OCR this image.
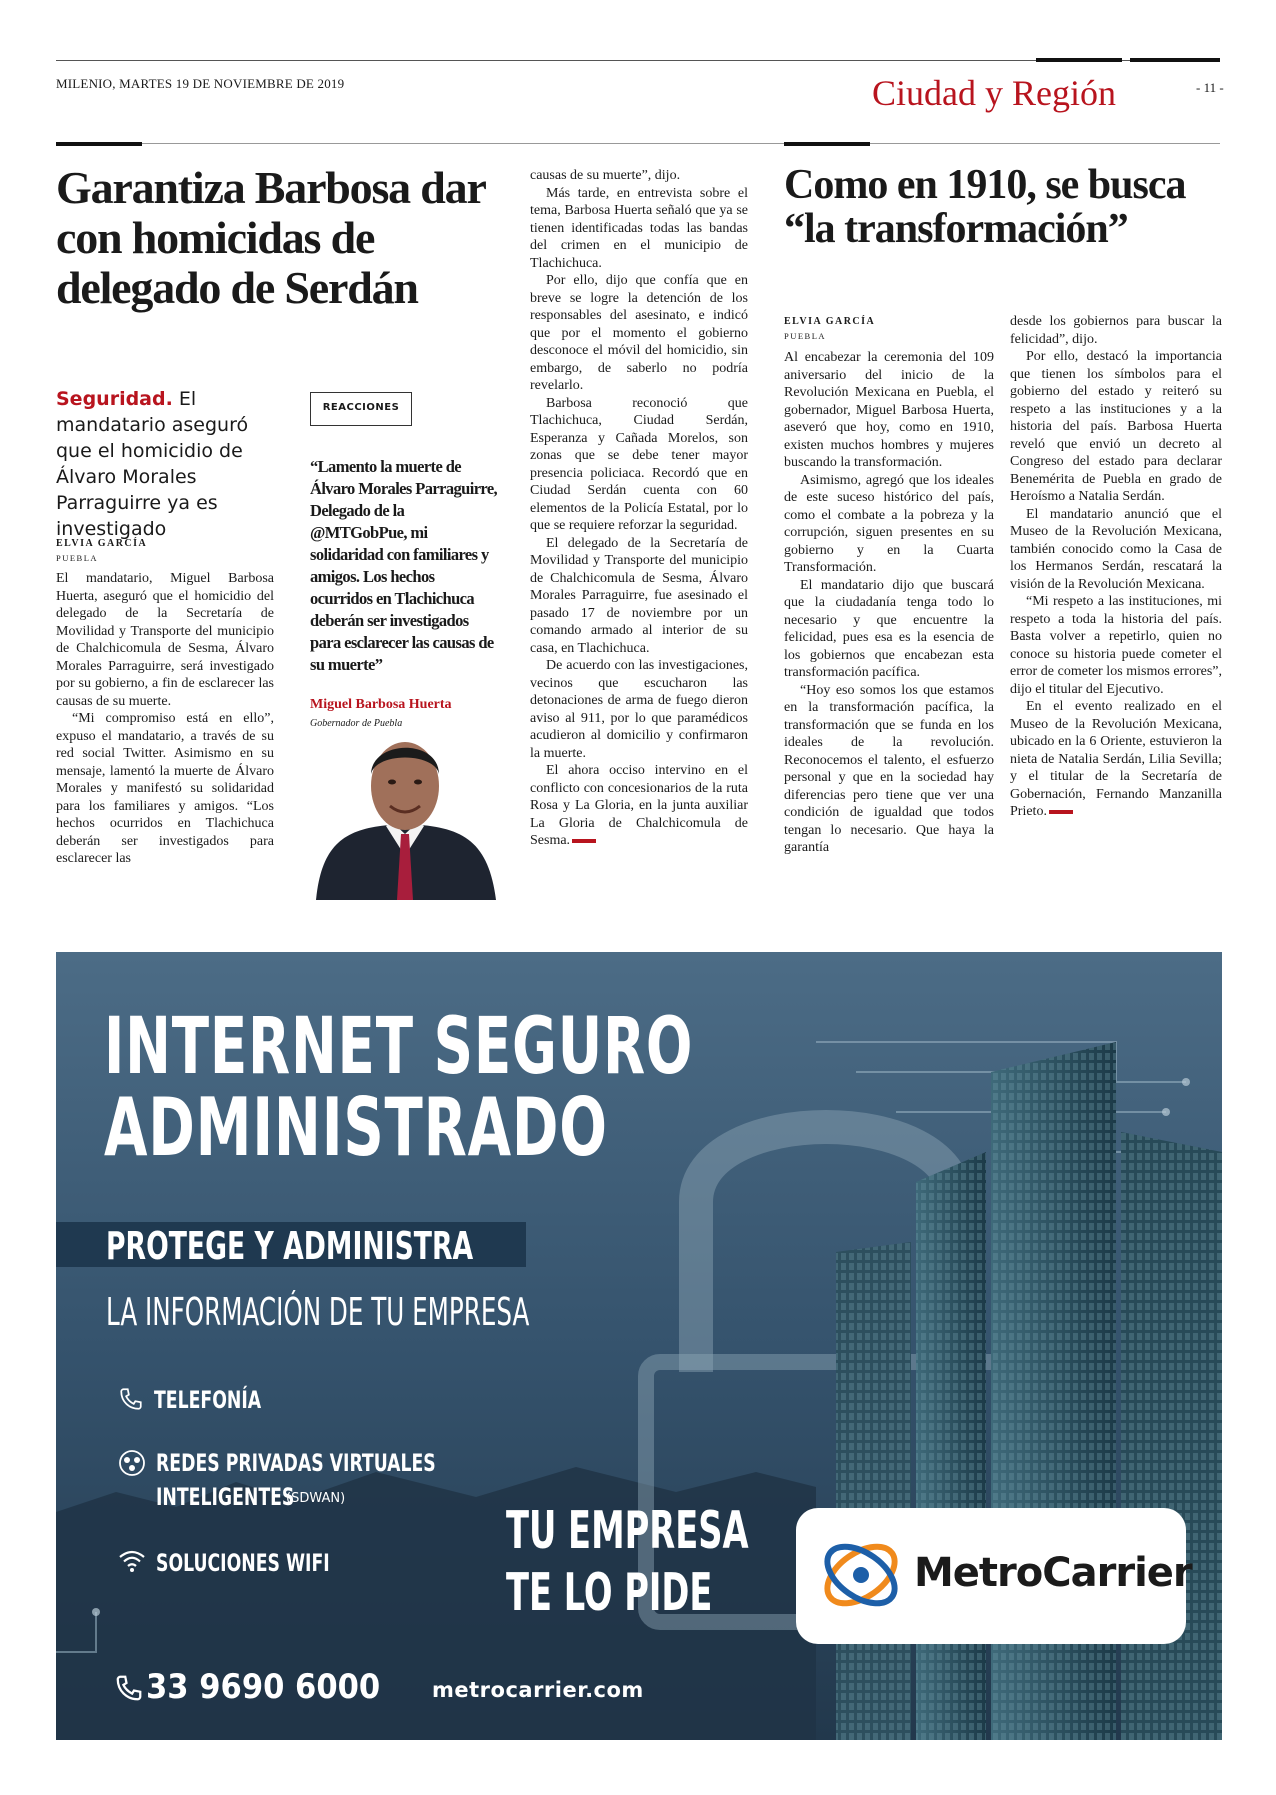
MILENIO, MARTES 19 DE NOVIEMBRE DE 2019	Ciudad y Región	- 11 -
Garantiza Barbosa dar con homicidas de delegado de Serdán
Seguridad. El mandatario aseguró que el homicidio de Álvaro Morales Parraguirre ya es investigado
ELVIA GARCÍA
PUEBLA

El mandatario, Miguel Barbosa Huerta, aseguró que el homicidio del delegado de la Secretaría de Movilidad y Transporte del municipio de Chalchicomula de Sesma, Álvaro Morales Parraguirre, será investigado por su gobierno, a fin de esclarecer las causas de su muerte.

“Mi compromiso está en ello”, expuso el mandatario, a través de su red social Twitter. Asimismo en su mensaje, lamentó la muerte de Álvaro Morales y manifestó su solidaridad para los familiares y amigos. “Los hechos ocurridos en Tlachichuca deberán ser investigados para esclarecer las

REACCIONES
“Lamento la muerte de Álvaro Morales Parraguirre, Delegado de la @MTGobPue, mi solidaridad con familiares y amigos. Los hechos ocurridos en Tlachichuca deberán ser investigados para esclarecer las causas de su muerte”
Miguel Barbosa Huerta
Gobernador de Puebla

causas de su muerte”, dijo.

Más tarde, en entrevista sobre el tema, Barbosa Huerta señaló que ya se tienen identificadas todas las bandas del crimen en el municipio de Tlachichuca.

Por ello, dijo que confía que en breve se logre la detención de los responsables del asesinato, e indicó que por el momento el gobierno desconoce el móvil del homicidio, sin embargo, de saberlo no podría revelarlo.

Barbosa reconoció que Tlachichuca, Ciudad Serdán, Esperanza y Cañada Morelos, son zonas que se debe tener mayor presencia policiaca. Recordó que en Ciudad Serdán cuenta con 60 elementos de la Policía Estatal, por lo que se requiere reforzar la seguridad.

El delegado de la Secretaría de Movilidad y Transporte del municipio de Chalchicomula de Sesma, Álvaro Morales Parraguirre, fue asesinado el pasado 17 de noviembre por un comando armado al interior de su casa, en Tlachichuca.

De acuerdo con las investigaciones, vecinos que escucharon las detonaciones de arma de fuego dieron aviso al 911, por lo que paramédicos acudieron al domicilio y confirmaron la muerte.

El ahora occiso intervino en el conflicto con concesionarios de la ruta Rosa y La Gloria, en la junta auxiliar La Gloria de Chalchicomula de Sesma.

Como en 1910, se busca “la transformación”
ELVIA GARCÍA
PUEBLA

Al encabezar la ceremonia del 109 aniversario del inicio de la Revolución Mexicana en Puebla, el gobernador, Miguel Barbosa Huerta, aseveró que hoy, como en 1910, existen muchos hombres y mujeres buscando la transformación.

Asimismo, agregó que los ideales de este suceso histórico del país, como el combate a la pobreza y la corrupción, siguen presentes en su gobierno y en la Cuarta Transformación.

El mandatario dijo que buscará que la ciudadanía tenga todo lo necesario y que encuentre la felicidad, pues esa es la esencia de los gobiernos que encabezan esta transformación pacífica.

“Hoy eso somos los que estamos en la transformación pacífica, la transformación que se funda en los ideales de la revolución. Reconocemos el talento, el esfuerzo personal y que en la sociedad hay diferencias pero tiene que ver una condición de igualdad que todos tengan lo necesario. Que haya la garantía

desde los gobiernos para buscar la felicidad”, dijo.

Por ello, destacó la importancia que tienen los símbolos para el gobierno del estado y reiteró su respeto a las instituciones y a la historia del país. Barbosa Huerta reveló que envió un decreto al Congreso del estado para declarar Benemérita de Puebla en grado de Heroísmo a Natalia Serdán.

El mandatario anunció que el Museo de la Revolución Mexicana, también conocido como la Casa de los Hermanos Serdán, rescatará la visión de la Revolución Mexicana.

“Mi respeto a las instituciones, mi respeto a toda la historia del país. Basta volver a repetirlo, quien no conoce su historia puede cometer el error de cometer los mismos errores”, dijo el titular del Ejecutivo.

En el evento realizado en el Museo de la Revolución Mexicana, ubicado en la 6 Oriente, estuvieron la nieta de Natalia Serdán, Lilia Sevilla; y el titular de la Secretaría de Gobernación, Fernando Manzanilla Prieto.

INTERNET SEGURO
ADMINISTRADO
PROTEGE Y ADMINISTRA
LA INFORMACIÓN DE TU EMPRESA
TELEFONÍA
REDES PRIVADAS VIRTUALES
INTELIGENTES
(SDWAN)
SOLUCIONES WIFI
TU EMPRESA
TE LO PIDE	MetroCarrier
33 9690 6000 metrocarrier.com
